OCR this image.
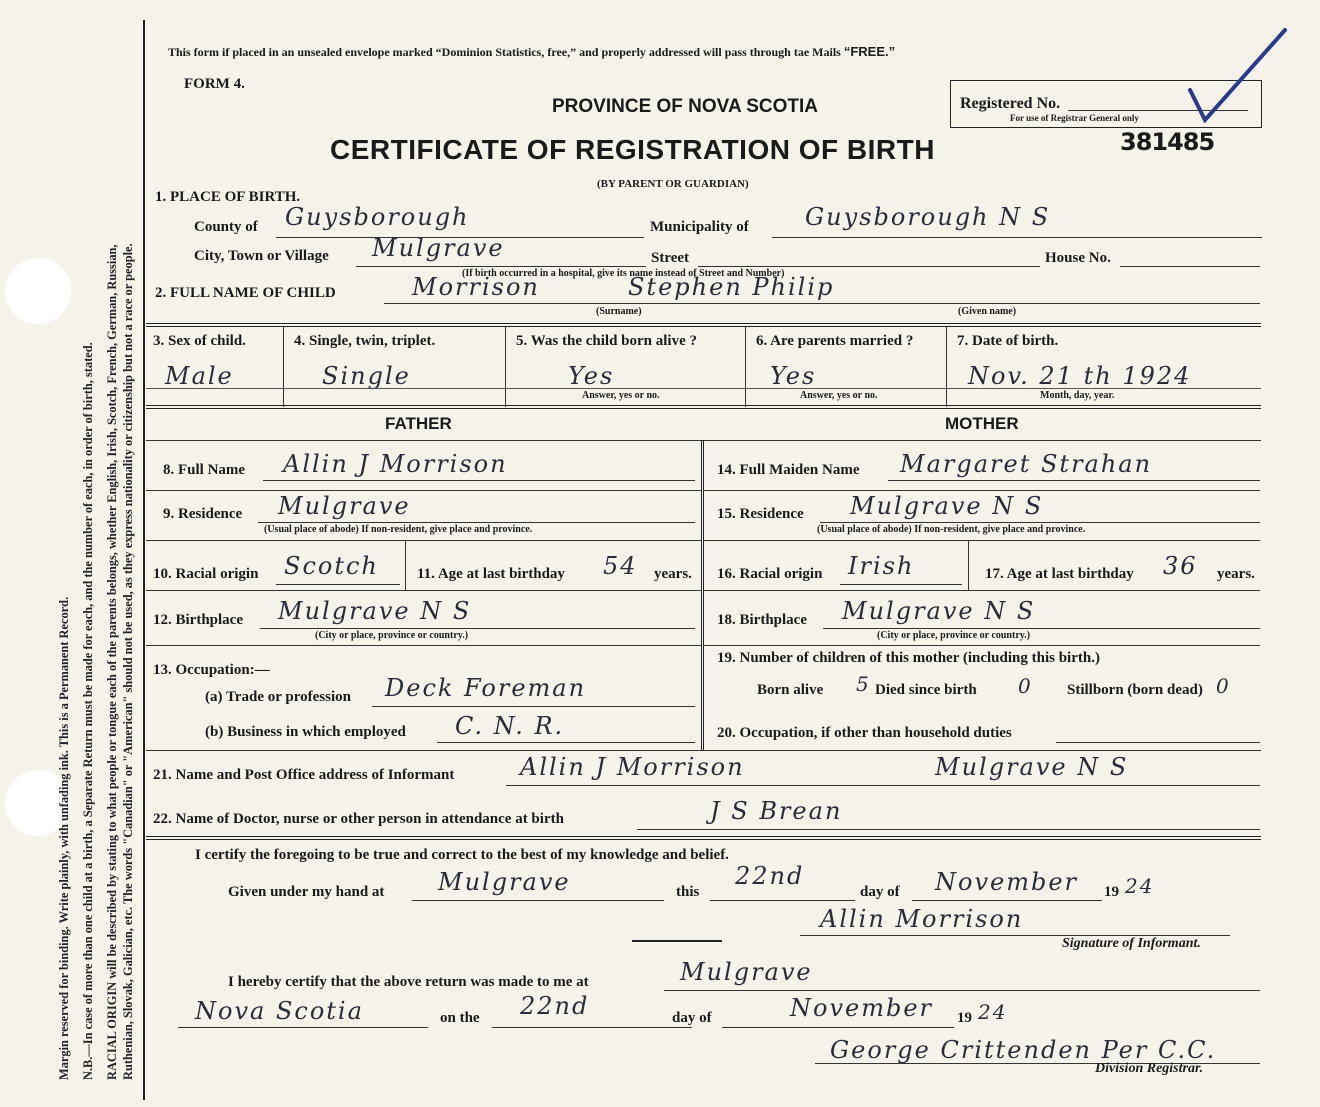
Margin reserved for binding. Write plainly, with unfading ink. This is a Permanent Record. N.B.—In case of more than one child at a birth, a Separate Return must be made for each, and the number of each, in order of birth, stated. RACIAL ORIGIN will be described by stating to what people or tongue each of the parents belongs, whether English, Irish, Scotch, French, German, Russian, Ruthenian, Slovak, Galician, etc. The words "Canadian" or "American" should not be used, as they express nationality or citizenship but not a race or people.
This form if placed in an unsealed envelope marked “Dominion Statistics, free,” and properly addressed will pass through tae Mails “FREE.”
FORM 4.
PROVINCE OF NOVA SCOTIA
CERTIFICATE OF REGISTRATION OF BIRTH
(BY PARENT OR GUARDIAN)
Registered No.
For use of Registrar General only
381485
1. PLACE OF BIRTH.
County of Guysborough	Municipality of Guysborough N S
City, Town or Village Mulgrave	Street	House No.
(If birth occurred in a hospital, give its name instead of Street and Number)
2. FULL NAME OF CHILD	Morrison	Stephen Philip
(Surname)	(Given name)
3. Sex of child.
Male
4. Single, twin, triplet.
Single
5. Was the child born alive ?
Yes
Answer, yes or no.
6. Are parents married ?
Yes
Answer, yes or no.
7. Date of birth.
Nov. 21 th 1924
Month, day, year.
FATHER	MOTHER
8. Full Name Allin J Morrison
9. Residence Mulgrave
(Usual place of abode) If non-resident, give place and province.
10. Racial origin Scotch	11. Age at last birthday 54 years.
12. Birthplace Mulgrave N S
(City or place, province or country.)
13. Occupation:—
(a) Trade or profession Deck Foreman
(b) Business in which employed C. N. R.
14. Full Maiden Name Margaret Strahan
15. Residence Mulgrave N S
(Usual place of abode) If non-resident, give place and province.
16. Racial origin Irish	17. Age at last birthday 36 years.
18. Birthplace Mulgrave N S
(City or place, province or country.)
19. Number of children of this mother (including this birth.)
Born alive 5 Died since birth 0 Stillborn (born dead) 0
20. Occupation, if other than household duties
21. Name and Post Office address of Informant	Allin J Morrison	Mulgrave N S
22. Name of Doctor, nurse or other person in attendance at birth	J S Brean
I certify the foregoing to be true and correct to the best of my knowledge and belief.
Given under my hand at Mulgrave	this
22nd
day of November 19 24
Allin Morrison
Signature of Informant.
I hereby certify that the above return was made to me at	Mulgrave
Nova Scotia	on the 22nd	day of	November 19 24
George Crittenden Per C.C.
Division Registrar.
